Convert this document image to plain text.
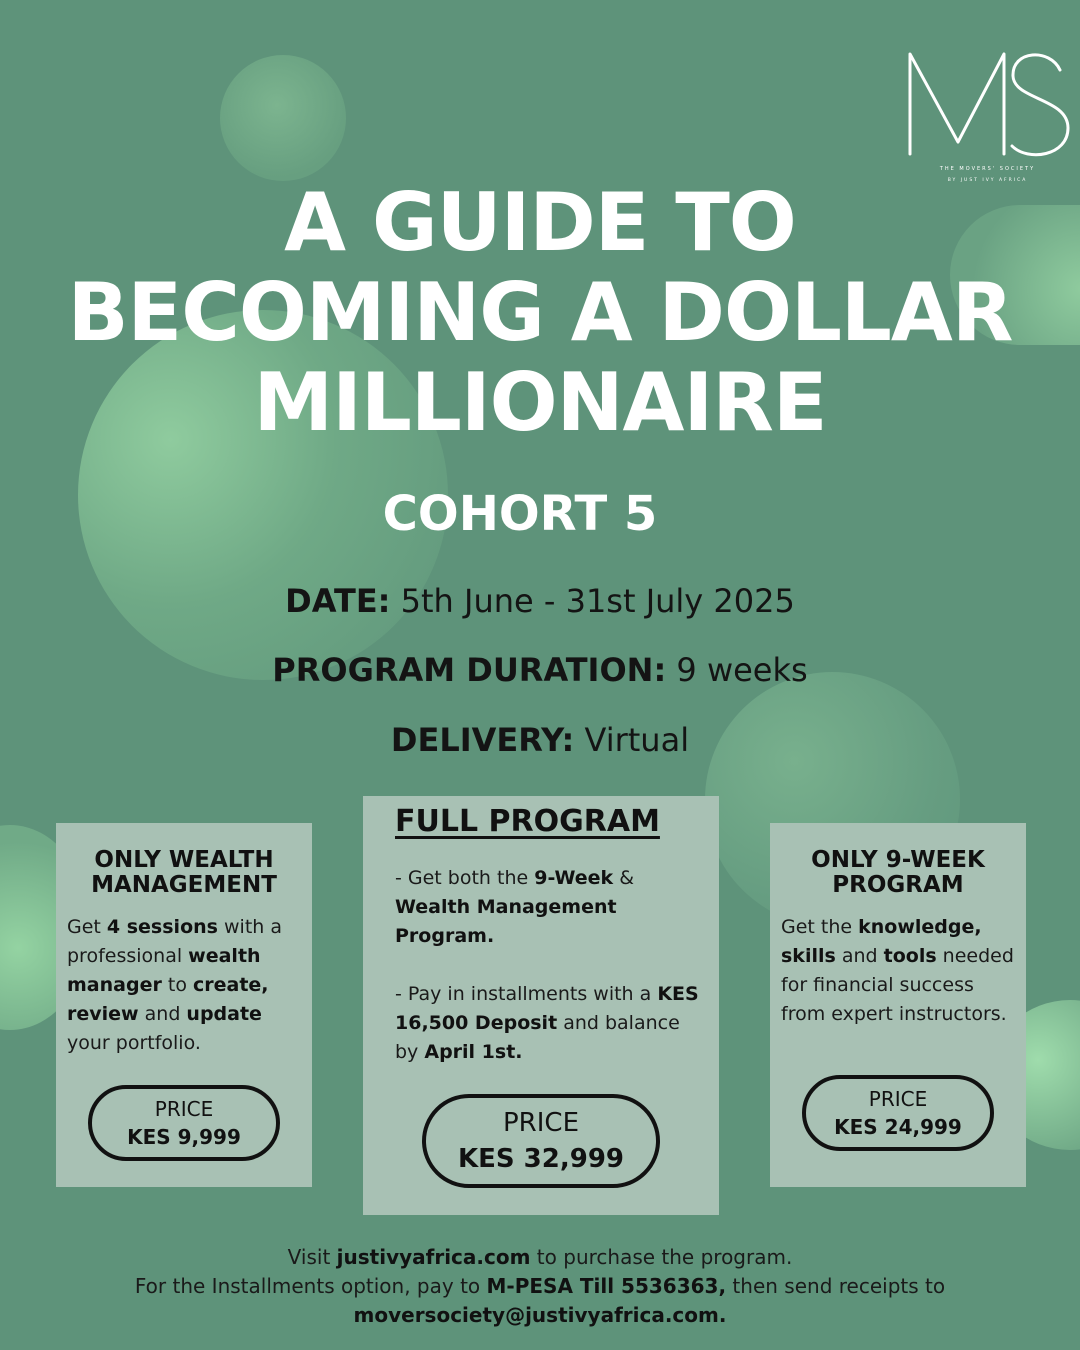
THE MOVERS' SOCIETY
BY JUST IVY AFRICA
A GUIDE TO
BECOMING A DOLLAR
MILLIONAIRE
COHORT 5
DATE: 5th June - 31st July 2025
PROGRAM DURATION: 9 weeks
DELIVERY: Virtual
ONLY WEALTH
MANAGEMENT

Get 4 sessions with a professional wealth manager to create, review and update your portfolio.

PRICE
KES 9,999
FULL PROGRAM
- Get both the 9-Week & Wealth Management Program.
- Pay in installments with a KES 16,500 Deposit and balance by April 1st.
PRICE
KES 32,999
ONLY 9-WEEK
PROGRAM

Get the knowledge, skills and tools needed for financial success from expert instructors.

PRICE
KES 24,999

Visit justivyafrica.com to purchase the program.

For the Installments option, pay to M-PESA Till 5536363, then send receipts to

moversociety@justivyafrica.com.
